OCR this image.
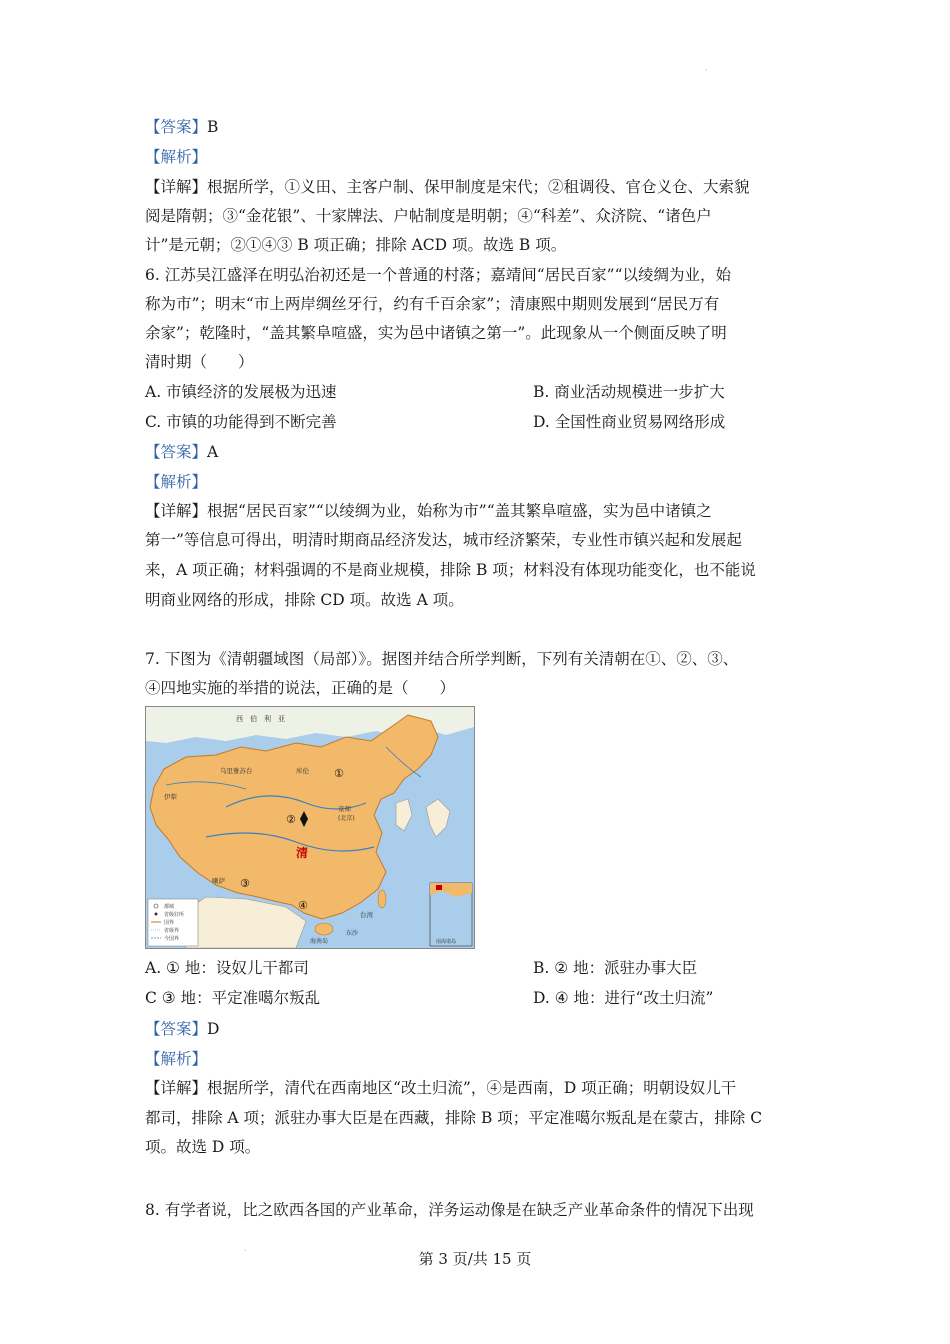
·
【答案】B
【解析】
【详解】根据所学，①义田、主客户制、保甲制度是宋代；②租调役、官仓义仓、大索貌
阅是隋朝；③“金花银”、十家牌法、户帖制度是明朝；④“科差”、众济院、“诸色户
计”是元朝；②①④③ B 项正确；排除 ACD 项。故选 B 项。
6. 江苏吴江盛泽在明弘治初还是一个普通的村落；嘉靖间“居民百家”“以绫绸为业，始
称为市”；明末“市上两岸绸丝牙行，约有千百余家”；清康熙中期则发展到“居民万有
余家”；乾隆时，“盖其繁阜喧盛，实为邑中诸镇之第一”。此现象从一个侧面反映了明
清时期（　　）
A. 市镇经济的发展极为迅速	B. 商业活动规模进一步扩大
C. 市镇的功能得到不断完善	D. 全国性商业贸易网络形成
【答案】A
【解析】
【详解】根据“居民百家”“以绫绸为业，始称为市”“盖其繁阜喧盛，实为邑中诸镇之
第一”等信息可得出，明清时期商品经济发达，城市经济繁荣，专业性市镇兴起和发展起
来，A 项正确；材料强调的不是商业规模，排除 B 项；材料没有体现功能变化，也不能说
明商业网络的形成，排除 CD 项。故选 A 项。
7. 下图为《清朝疆域图（局部）》。据图并结合所学判断，下列有关清朝在①、②、③、
④四地实施的举措的说法，正确的是（　　）
西　伯　利　亚
乌里雅苏台	库伦
伊犁
京师
(北京)
清
喇萨
台湾
海南岛
东沙
①
②
③
④
都城
省级驻所
国界
省级界
今国界	南海诸岛
A. ① 地：设奴儿干都司	B. ② 地：派驻办事大臣
C ③ 地：平定准噶尔叛乱	D. ④ 地：进行“改土归流”
【答案】D
【解析】
【详解】根据所学，清代在西南地区“改土归流”，④是西南，D 项正确；明朝设奴儿干
都司，排除 A 项；派驻办事大臣是在西藏，排除 B 项；平定准噶尔叛乱是在蒙古，排除 C
项。故选 D 项。
8. 有学者说，比之欧西各国的产业革命，洋务运动像是在缺乏产业革命条件的情况下出现
·	第 3 页/共 15 页
